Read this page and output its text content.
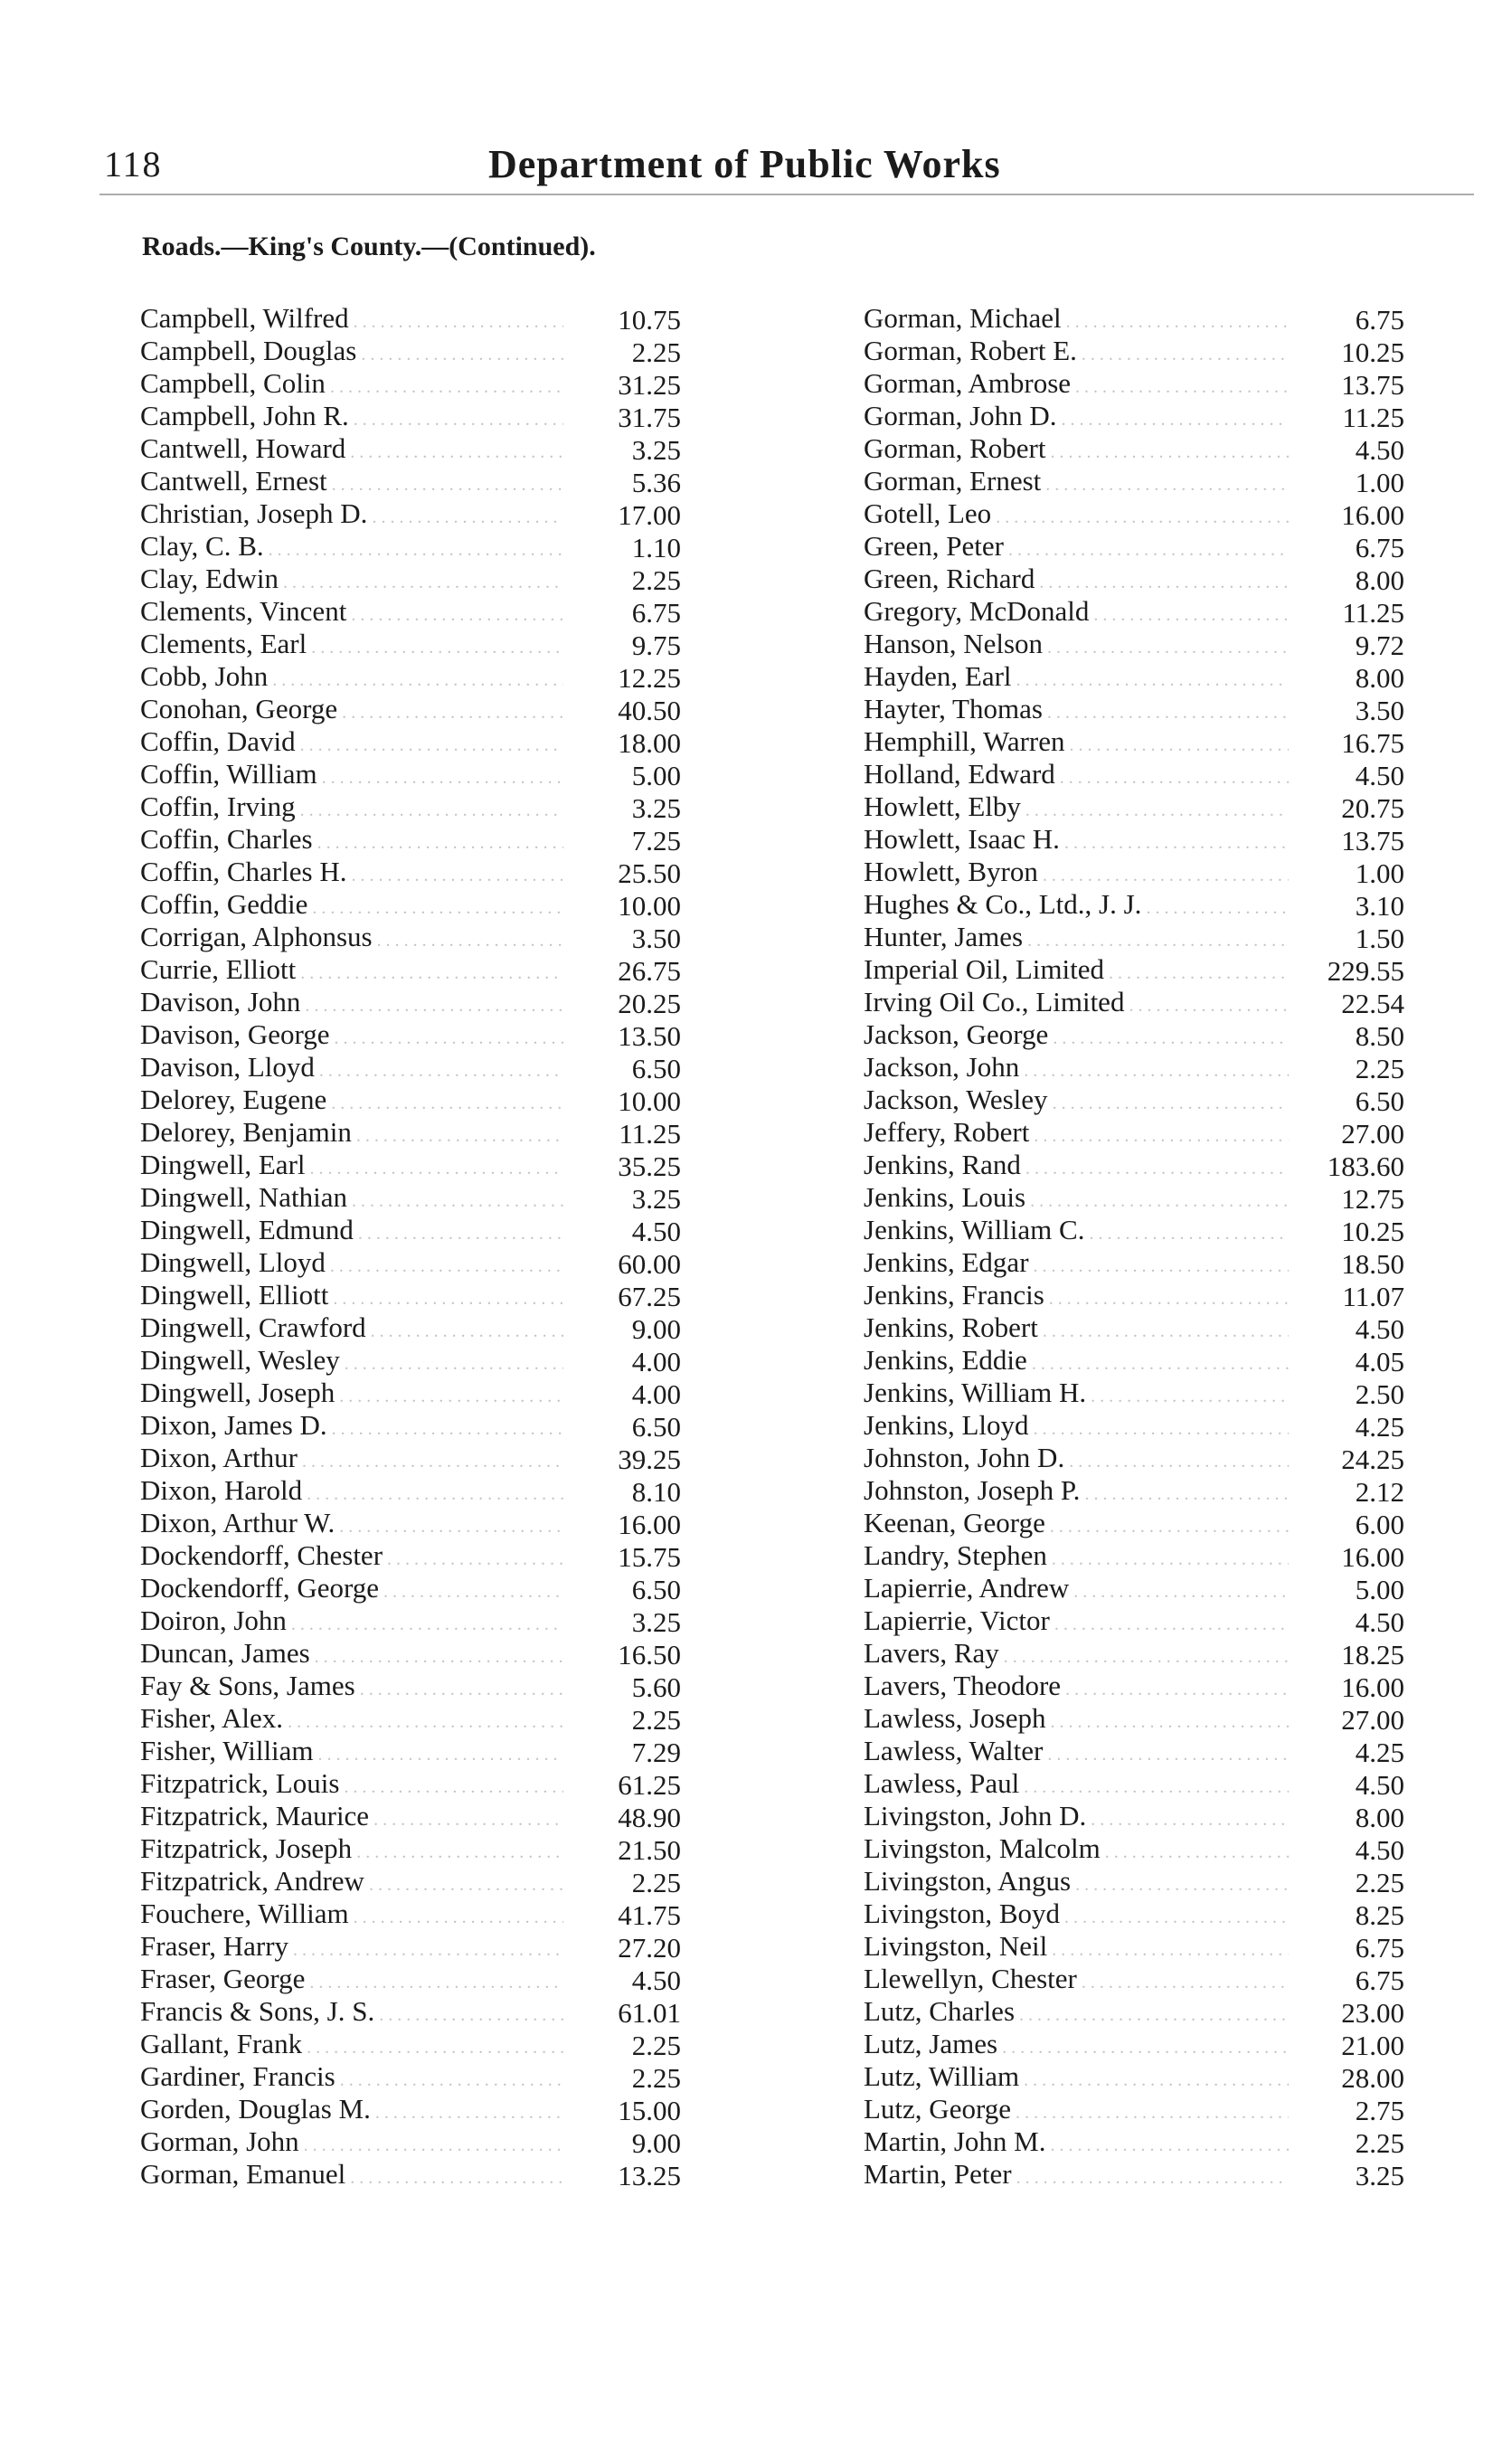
118	Department of Public Works
Roads.—King's County.—(Continued).
Campbell, Wilfred . . .	10.75
Campbell, Douglas . . .	2.25
Campbell, Colin . . .	31.25
Campbell, John R. . . .	31.75
Cantwell, Howard . . .	3.25
Cantwell, Ernest . . .	5.36
Christian, Joseph D. . . .	17.00
Clay, C. B. . . .	1.10
Clay, Edwin . . .	2.25
Clements, Vincent . . .	6.75
Clements, Earl . . .	9.75
Cobb, John . . .	12.25
Conohan, George . . .	40.50
Coffin, David . . .	18.00
Coffin, William . . .	5.00
Coffin, Irving . . .	3.25
Coffin, Charles . . .	7.25
Coffin, Charles H. . . .	25.50
Coffin, Geddie . . .	10.00
Corrigan, Alphonsus . . .	3.50
Currie, Elliott . . .	26.75
Davison, John . . .	20.25
Davison, George . . .	13.50
Davison, Lloyd . . .	6.50
Delorey, Eugene . . .	10.00
Delorey, Benjamin . . .	11.25
Dingwell, Earl . . .	35.25
Dingwell, Nathian . . .	3.25
Dingwell, Edmund . . .	4.50
Dingwell, Lloyd . . .	60.00
Dingwell, Elliott . . .	67.25
Dingwell, Crawford . . .	9.00
Dingwell, Wesley . . .	4.00
Dingwell, Joseph . . .	4.00
Dixon, James D. . . .	6.50
Dixon, Arthur . . .	39.25
Dixon, Harold . . .	8.10
Dixon, Arthur W. . . .	16.00
Dockendorff, Chester . . .	15.75
Dockendorff, George . . .	6.50
Doiron, John . . .	3.25
Duncan, James . . .	16.50
Fay & Sons, James . . .	5.60
Fisher, Alex. . . .	2.25
Fisher, William . . .	7.29
Fitzpatrick, Louis . . .	61.25
Fitzpatrick, Maurice . . .	48.90
Fitzpatrick, Joseph . . .	21.50
Fitzpatrick, Andrew . . .	2.25
Fouchere, William . . .	41.75
Fraser, Harry . . .	27.20
Fraser, George . . .	4.50
Francis & Sons, J. S. . . .	61.01
Gallant, Frank . . .	2.25
Gardiner, Francis . . .	2.25
Gorden, Douglas M. . . .	15.00
Gorman, John . . .	9.00
Gorman, Emanuel . . .	13.25
Gorman, Michael . . .	6.75
Gorman, Robert E. . . .	10.25
Gorman, Ambrose . . .	13.75
Gorman, John D. . . .	11.25
Gorman, Robert . . .	4.50
Gorman, Ernest . . .	1.00
Gotell, Leo . . .	16.00
Green, Peter . . .	6.75
Green, Richard . . .	8.00
Gregory, McDonald . . .	11.25
Hanson, Nelson . . .	9.72
Hayden, Earl . . .	8.00
Hayter, Thomas . . .	3.50
Hemphill, Warren . . .	16.75
Holland, Edward . . .	4.50
Howlett, Elby . . .	20.75
Howlett, Isaac H. . . .	13.75
Howlett, Byron . . .	1.00
Hughes & Co., Ltd., J. J. . . .	3.10
Hunter, James . . .	1.50
Imperial Oil, Limited . . .	229.55
Irving Oil Co., Limited . . .	22.54
Jackson, George . . .	8.50
Jackson, John . . .	2.25
Jackson, Wesley . . .	6.50
Jeffery, Robert . . .	27.00
Jenkins, Rand . . .	183.60
Jenkins, Louis . . .	12.75
Jenkins, William C. . . .	10.25
Jenkins, Edgar . . .	18.50
Jenkins, Francis . . .	11.07
Jenkins, Robert . . .	4.50
Jenkins, Eddie . . .	4.05
Jenkins, William H. . . .	2.50
Jenkins, Lloyd . . .	4.25
Johnston, John D. . . .	24.25
Johnston, Joseph P. . . .	2.12
Keenan, George . . .	6.00
Landry, Stephen . . .	16.00
Lapierrie, Andrew . . .	5.00
Lapierrie, Victor . . .	4.50
Lavers, Ray . . .	18.25
Lavers, Theodore . . .	16.00
Lawless, Joseph . . .	27.00
Lawless, Walter . . .	4.25
Lawless, Paul . . .	4.50
Livingston, John D. . . .	8.00
Livingston, Malcolm . . .	4.50
Livingston, Angus . . .	2.25
Livingston, Boyd . . .	8.25
Livingston, Neil . . .	6.75
Llewellyn, Chester . . .	6.75
Lutz, Charles . . .	23.00
Lutz, James . . .	21.00
Lutz, William . . .	28.00
Lutz, George . . .	2.75
Martin, John M. . . .	2.25
Martin, Peter . . .	3.25
